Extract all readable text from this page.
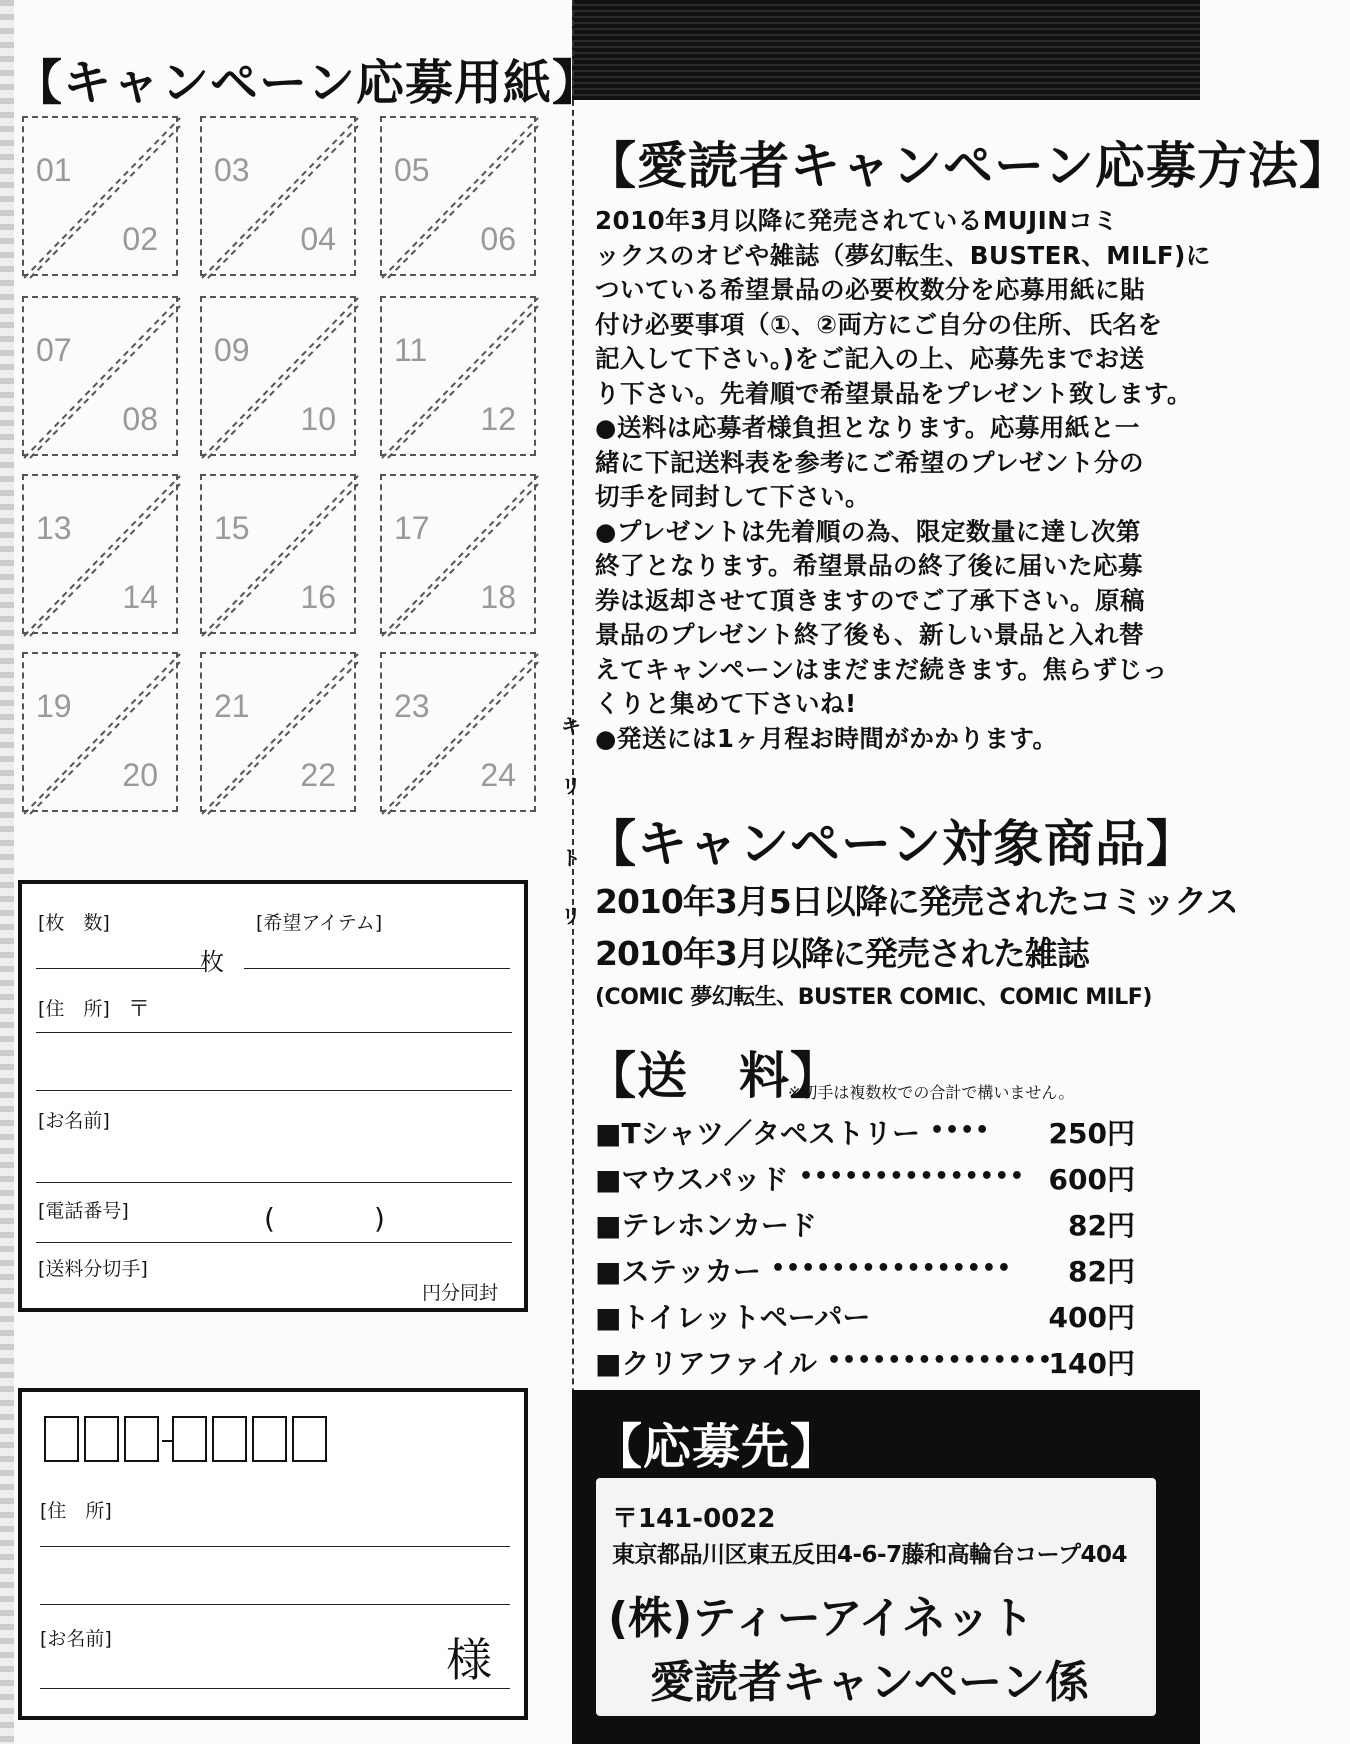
【キャンペーン応募用紙】
01
02
03
04
05
06
07
08
09
10
11
12
13
14
15
16
17
18
19
20
21
22
23
24
[枚　数]	[希望アイテム]
枚
[住　所] 〒
[お名前]
[電話番号]	(	)
[送料分切手]
円分同封
[住　所]
[お名前]	様
キ
リ
ト
リ
【愛読者キャンペーン応募方法】
2010年3月以降に発売されているMUJINコミ
ックスのオビや雑誌（夢幻転生、BUSTER、MILF)に
ついている希望景品の必要枚数分を応募用紙に貼
付け必要事項（①、②両方にご自分の住所、氏名を
記入して下さい。)をご記入の上、応募先までお送
り下さい。先着順で希望景品をプレゼント致します。
●送料は応募者様負担となります。応募用紙と一
緒に下記送料表を参考にご希望のプレゼント分の
切手を同封して下さい。
●プレゼントは先着順の為、限定数量に達し次第
終了となります。希望景品の終了後に届いた応募
券は返却させて頂きますのでご了承下さい。原稿
景品のプレゼント終了後も、新しい景品と入れ替
えてキャンペーンはまだまだ続きます。焦らずじっ
くりと集めて下さいね!
●発送には1ヶ月程お時間がかかります。
【キャンペーン対象商品】
2010年3月5日以降に発売されたコミックス
2010年3月以降に発売された雑誌
(COMIC 夢幻転生、BUSTER COMIC、COMIC MILF)
【送　料】
※切手は複数枚での合計で構いません。
■Tシャツ／タペストリー	250円
••••
■マウスパッド	600円
•••••••••••••••
■テレホンカード	82円
■ステッカー	82円
••••••••••••••••
■トイレットペーパー	400円
■クリアファイル	140円
•••••••••••••••
【応募先】
〒141-0022
東京都品川区東五反田4-6-7藤和高輪台コープ404
(株)ティーアイネット
愛読者キャンペーン係
